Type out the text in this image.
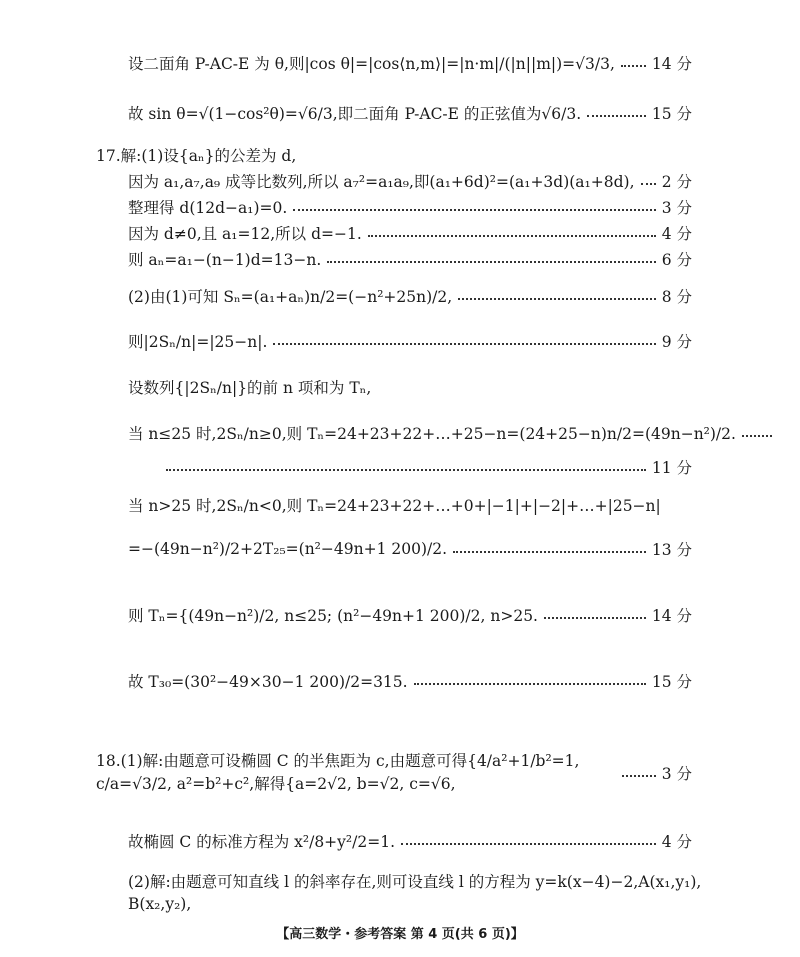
设二面角 P-AC-E 为 θ,则|cos θ|=|cos⟨n,m⟩|=|n·m|/(|n||m|)=√3/3, 14 分
故 sin θ=√(1−cos²θ)=√6/3,即二面角 P-AC-E 的正弦值为√6/3.	15 分
17.解:(1)设{aₙ}的公差为 d,
因为 a₁,a₇,a₉ 成等比数列,所以 a₇²=a₁a₉,即(a₁+6d)²=(a₁+3d)(a₁+8d), 2 分
整理得 d(12d−a₁)=0.	3 分
因为 d≠0,且 a₁=12,所以 d=−1.	4 分
则 aₙ=a₁−(n−1)d=13−n.	6 分
(2)由(1)可知 Sₙ=(a₁+aₙ)n/2=(−n²+25n)/2,	8 分
则|2Sₙ/n|=|25−n|.	9 分
设数列{|2Sₙ/n|}的前 n 项和为 Tₙ,
当 n≤25 时,2Sₙ/n≥0,则 Tₙ=24+23+22+…+25−n=(24+25−n)n/2=(49n−n²)/2.
11 分
当 n>25 时,2Sₙ/n<0,则 Tₙ=24+23+22+…+0+|−1|+|−2|+…+|25−n|
=−(49n−n²)/2+2T₂₅=(n²−49n+1 200)/2.	13 分
则 Tₙ={(49n−n²)/2, n≤25; (n²−49n+1 200)/2, n>25.	14 分
故 T₃₀=(30²−49×30−1 200)/2=315.	15 分
18.(1)解:由题意可设椭圆 C 的半焦距为 c,由题意可得{4/a²+1/b²=1, c/a=√3/2, a²=b²+c²,解得{a=2√2, b=√2, c=√6,
3 分
故椭圆 C 的标准方程为 x²/8+y²/2=1.	4 分
(2)解:由题意可知直线 l 的斜率存在,则可设直线 l 的方程为 y=k(x−4)−2,A(x₁,y₁),
B(x₂,y₂),
【高三数学・参考答案 第 4 页(共 6 页)】
